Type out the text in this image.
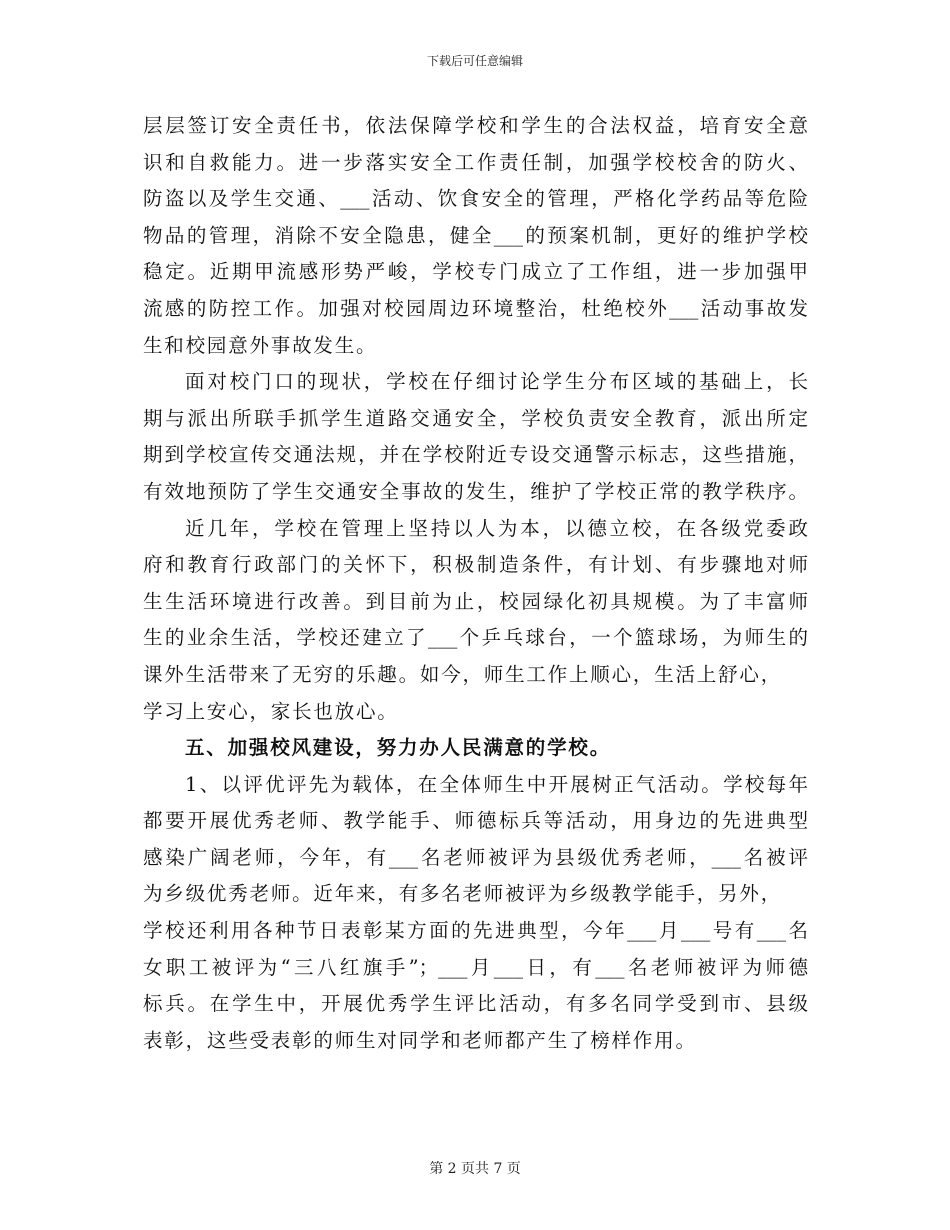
下载后可任意编辑
层层签订安全责任书，依法保障学校和学生的合法权益，培育安全意
识和自救能力。进一步落实安全工作责任制，加强学校校舍的防火、
防盗以及学生交通、___活动、饮食安全的管理，严格化学药品等危险
物品的管理，消除不安全隐患，健全___的预案机制，更好的维护学校
稳定。近期甲流感形势严峻，学校专门成立了工作组，进一步加强甲
流感的防控工作。加强对校园周边环境整治，杜绝校外___活动事故发
生和校园意外事故发生。
面对校门口的现状，学校在仔细讨论学生分布区域的基础上，长
期与派出所联手抓学生道路交通安全，学校负责安全教育，派出所定
期到学校宣传交通法规，并在学校附近专设交通警示标志，这些措施，
有效地预防了学生交通安全事故的发生，维护了学校正常的教学秩序。
近几年，学校在管理上坚持以人为本，以德立校，在各级党委政
府和教育行政部门的关怀下，积极制造条件，有计划、有步骤地对师
生生活环境进行改善。到目前为止，校园绿化初具规模。为了丰富师
生的业余生活，学校还建立了___个乒乓球台，一个篮球场，为师生的
课外生活带来了无穷的乐趣。如今，师生工作上顺心，生活上舒心，
学习上安心，家长也放心。
五、加强校风建设，努力办人民满意的学校。
1、以评优评先为载体，在全体师生中开展树正气活动。学校每年
都要开展优秀老师、教学能手、师德标兵等活动，用身边的先进典型
感染广阔老师，今年，有___名老师被评为县级优秀老师，___名被评
为乡级优秀老师。近年来，有多名老师被评为乡级教学能手，另外，
学校还利用各种节日表彰某方面的先进典型，今年___月___号有___名
女职工被评为“三八红旗手”；___月___日，有___名老师被评为师德
标兵。在学生中，开展优秀学生评比活动，有多名同学受到市、县级
表彰，这些受表彰的师生对同学和老师都产生了榜样作用。
第 2 页共 7 页
